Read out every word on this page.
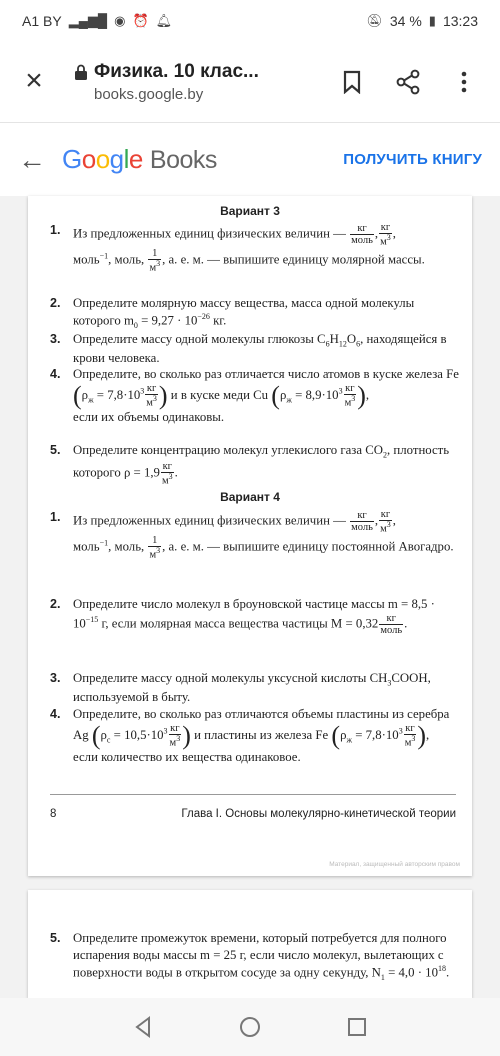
A1 BY ▂▄▆█ ◉ ⏰ 🔔︎	🔕︎ 34 % ▮ 13:23
×	Физика. 10 клас...
books.google.by
← G o o g l e Books	ПОЛУЧИТЬ КНИГУ
Вариант 3
1. Из предложенных единиц физических величин — $\frac{кг}{\text{моль}}$ , $\frac{кг}{м^3}$ ,
моль$^{-1}$, моль, $\frac{1}{м^3}$ , а. е. м. — выпишите единицу молярной массы.
2. Определите молярную массу вещества, масса одной молекулы которого $m_0 = 9,27 \cdot 10^{-26}$ кг.
3. Определите массу одной молекулы глюкозы $C_6H_{12}O_6$, находящейся в крови человека.
4. Определите, во сколько раз отличается число атомов в куске железа Fe ($\rho_ж = 7,8\cdot 10^3 \frac{кг}{м^3}$ ) и в куске меди Cu ($\rho_ж = 8,9\cdot 10^3 \frac{кг}{м^3}$ ),
если их объемы одинаковы.
5. Определите концентрацию молекул углекислого газа $CO_2$, плотность которого $\rho = 1,9 \frac{кг}{м^3}$ .
Вариант 4
1. Из предложенных единиц физических величин — $\frac{кг}{\text{моль}}$ , $\frac{кг}{м^3}$ ,
моль$^{-1}$, моль, $\frac{1}{м^3}$ , а. е. м. — выпишите единицу постоянной Авогадро.
2. Определите число молекул в броуновской частице массы $m = 8,5 \cdot 10^{-15}$ г, если молярная масса вещества частицы $M = 0,32 \frac{кг}{\text{моль}}$ .
3. Определите массу одной молекулы уксусной кислоты $CH_3COOH$, используемой в быту.
4. Определите, во сколько раз отличаются объемы пластины из серебра Ag ($\rho_с = 10,5\cdot 10^3 \frac{кг}{м^3}$ ) и пластины из железа Fe ($\rho_ж = 7,8\cdot 10^3 \frac{кг}{м^3}$ ),
если количество их вещества одинаковое.
8	Глава I. Основы молекулярно-кинетической теории
Материал, защищенный авторским правом
5. Определите промежуток времени, который потребуется для полного испарения воды массы m = 25 г, если число молекул, вылетающих с поверхности воды в открытом сосуде за одну секунду, $N_1 = 4,0 \cdot 10^{18}$.
